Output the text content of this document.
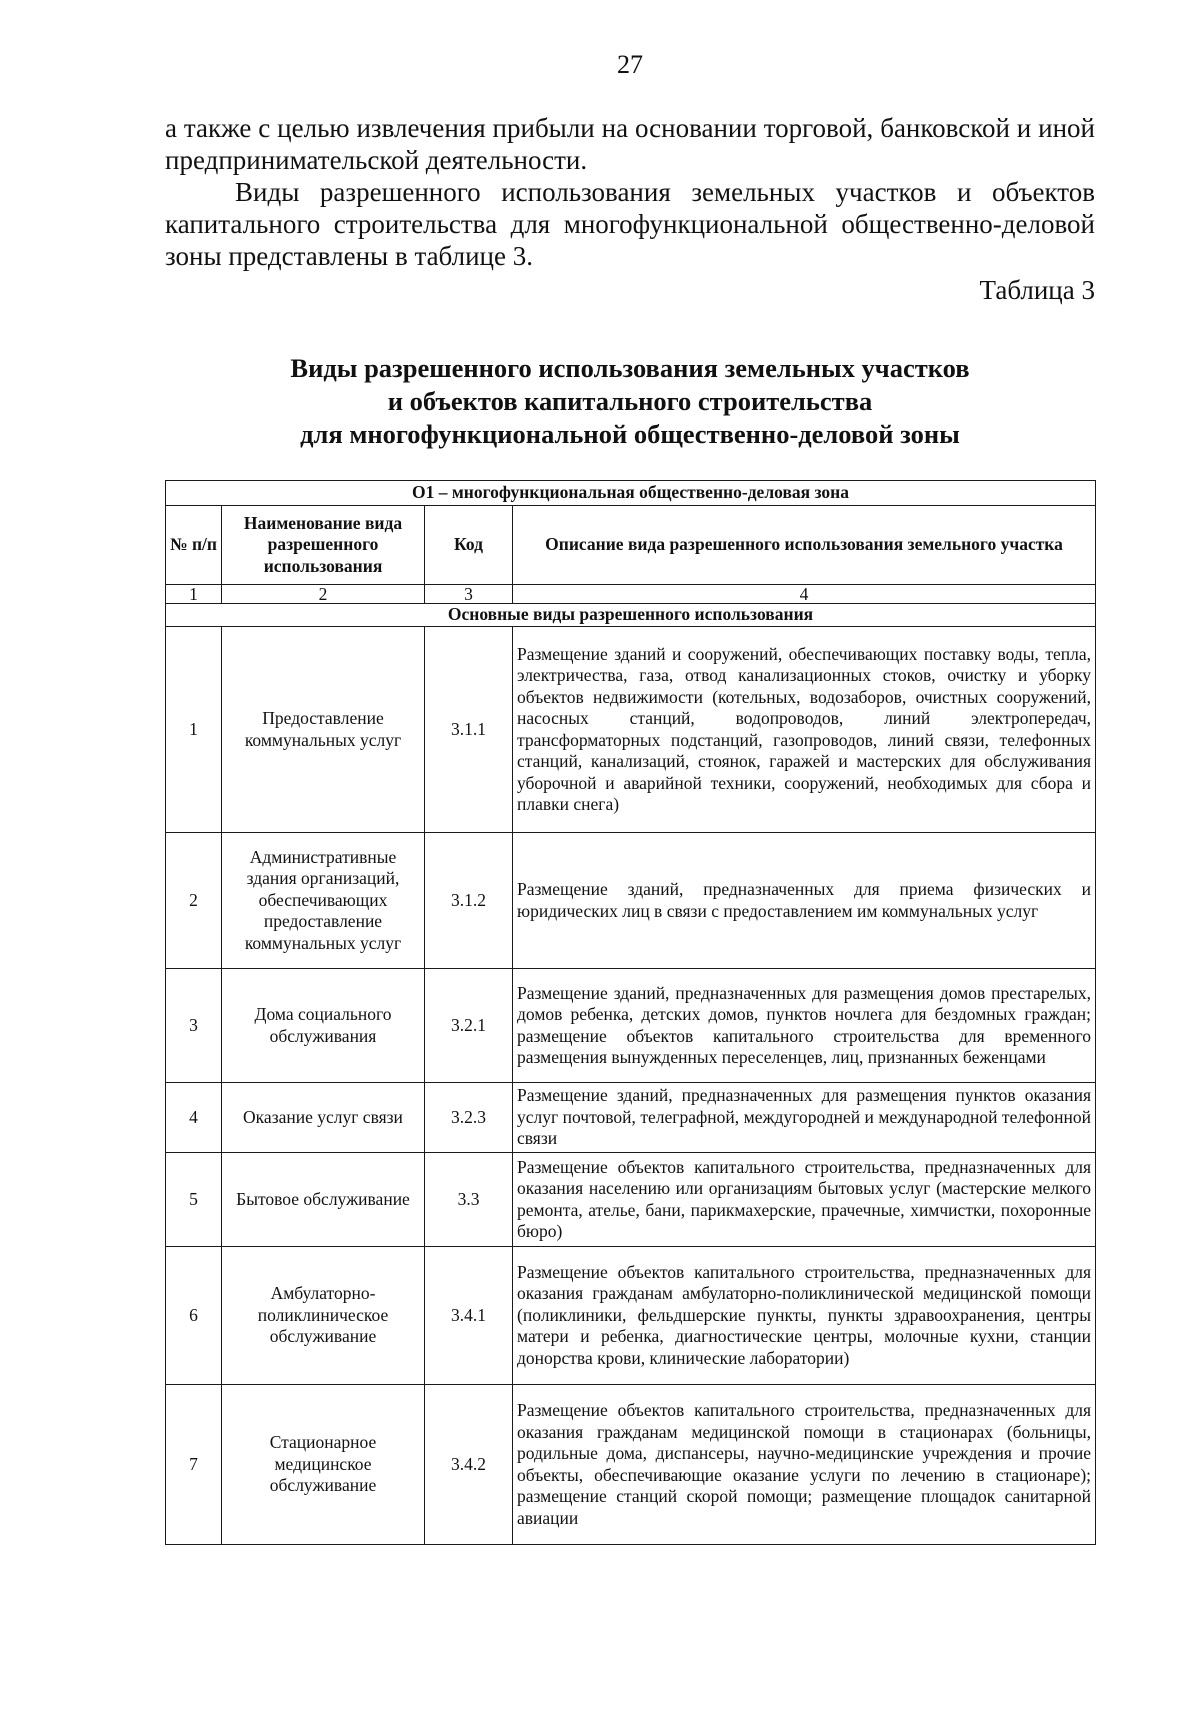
27

а также с целью извлечения прибыли на основании торговой, банковской и иной предпринимательской деятельности.

Виды разрешенного использования земельных участков и объектов капитального строительства для многофункциональной общественно-деловой зоны представлены в таблице 3.

Таблица 3

Виды разрешенного использования земельных участков
и объектов капитального строительства
для многофункциональной общественно-деловой зоны
О1 – многофункциональная общественно-деловая зона			
№ п/п	Наименование вида разрешенного использования	Код	Описание вида разрешенного использования земельного участка
1	2	3	4
Основные виды разрешенного использования			
1	Предоставление коммунальных услуг	3.1.1	Размещение зданий и сооружений, обеспечивающих поставку воды, тепла, электричества, газа, отвод канализационных стоков, очистку и уборку объектов недвижимости (котельных, водозаборов, очистных сооружений, насосных станций, водопроводов, линий электропередач, трансформаторных подстанций, газопроводов, линий связи, телефонных станций, канализаций, стоянок, гаражей и мастерских для обслуживания уборочной и аварийной техники, сооружений, необходимых для сбора и плавки снега)
2	Административные здания организаций, обеспечивающих предоставление коммунальных услуг	3.1.2	Размещение зданий, предназначенных для приема физических и юридических лиц в связи с предоставлением им коммунальных услуг
3	Дома социального обслуживания	3.2.1	Размещение зданий, предназначенных для размещения домов престарелых, домов ребенка, детских домов, пунктов ночлега для бездомных граждан; размещение объектов капитального строительства для временного размещения вынужденных переселенцев, лиц, признанных беженцами
4	Оказание услуг связи	3.2.3	Размещение зданий, предназначенных для размещения пунктов оказания услуг почтовой, телеграфной, междугородней и международной телефонной связи
5	Бытовое обслуживание	3.3	Размещение объектов капитального строительства, предназначенных для оказания населению или организациям бытовых услуг (мастерские мелкого ремонта, ателье, бани, парикмахерские, прачечные, химчистки, похоронные бюро)
6	Амбулаторно-поликлиническое обслуживание	3.4.1	Размещение объектов капитального строительства, предназначенных для оказания гражданам амбулаторно-поликлинической медицинской помощи (поликлиники, фельдшерские пункты, пункты здравоохранения, центры матери и ребенка, диагностические центры, молочные кухни, станции донорства крови, клинические лаборатории)
7	Стационарное медицинское обслуживание	3.4.2	Размещение объектов капитального строительства, предназначенных для оказания гражданам медицинской помощи в стационарах (больницы, родильные дома, диспансеры, научно-медицинские учреждения и прочие объекты, обеспечивающие оказание услуги по лечению в стационаре); размещение станций скорой помощи; размещение площадок санитарной авиации
